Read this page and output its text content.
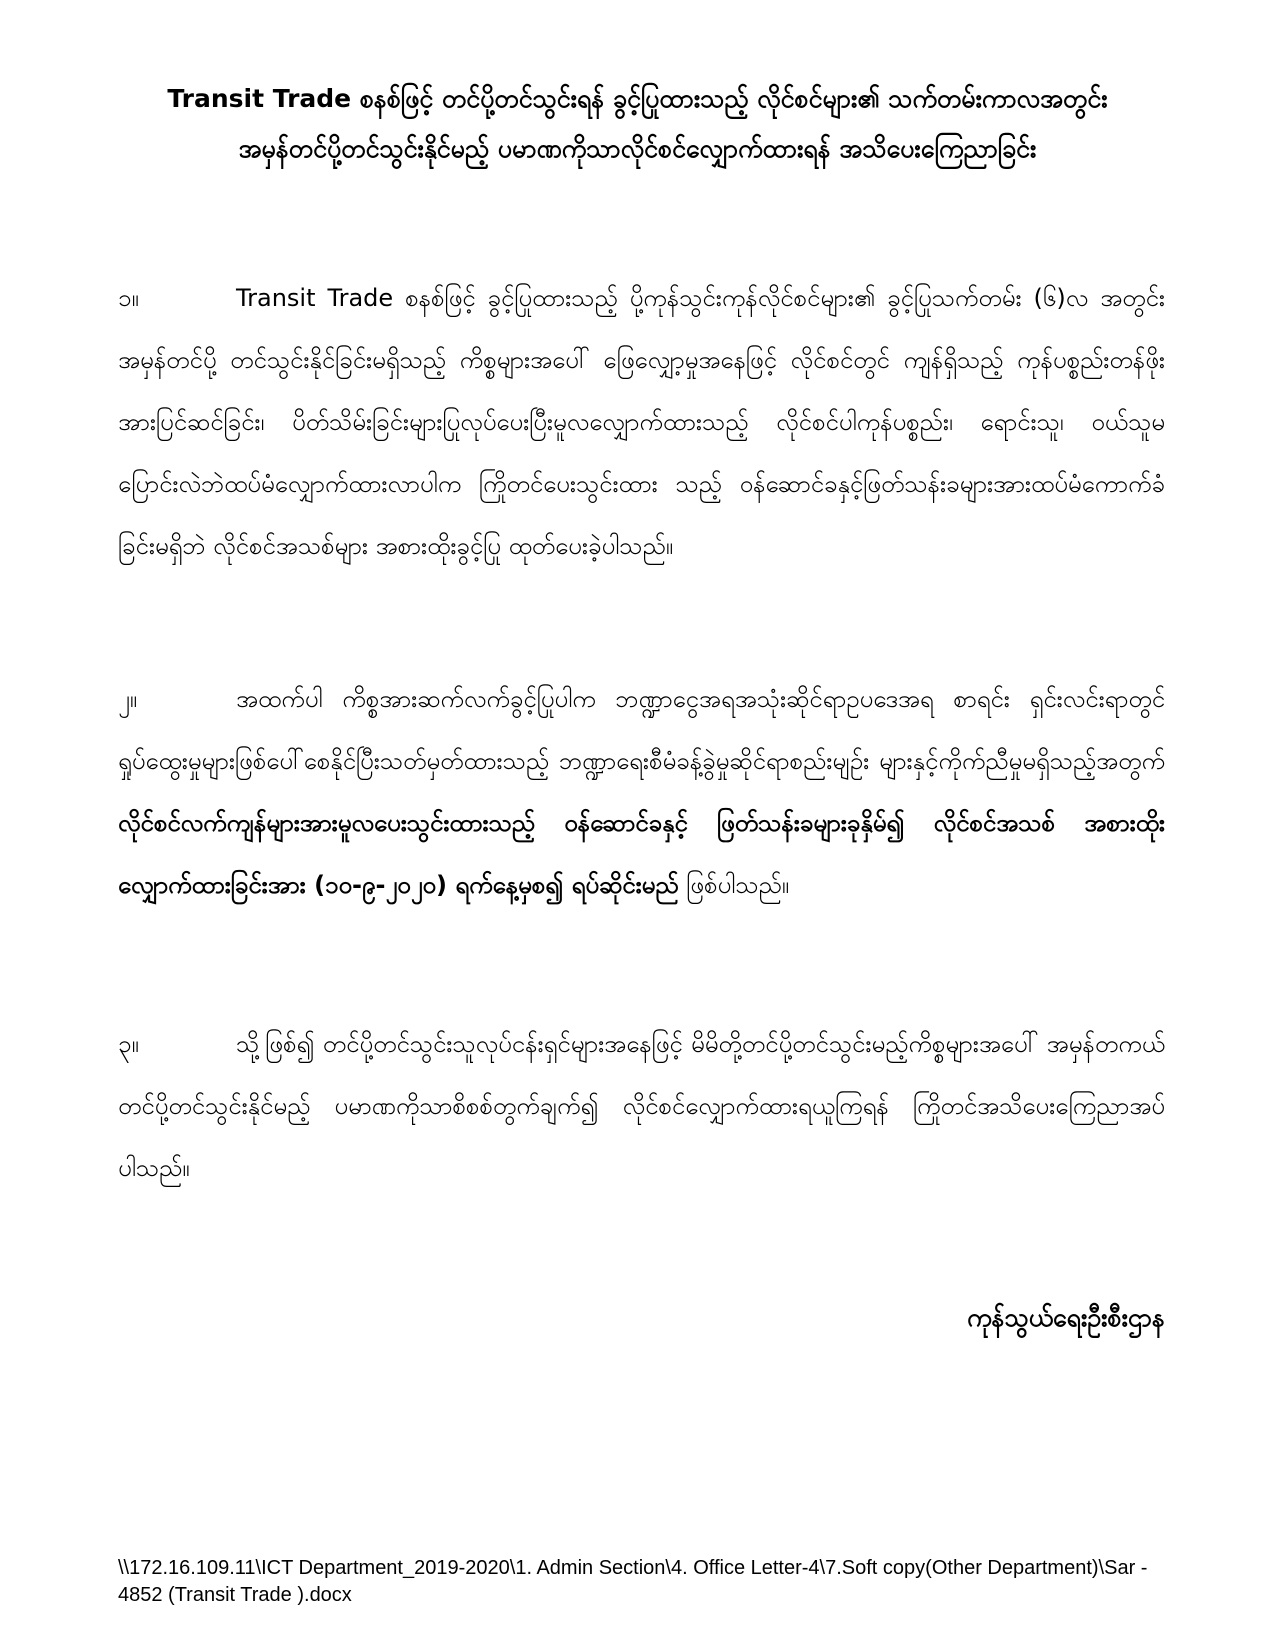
Transit Trade စနစ်ဖြင့် တင်ပို့တင်သွင်းရန် ခွင့်ပြုထားသည့် လိုင်စင်များ၏ သက်တမ်းကာလအတွင်း
အမှန်တင်ပို့တင်သွင်းနိုင်မည့် ပမာဏကိုသာလိုင်စင်လျှောက်ထားရန် အသိပေးကြေညာခြင်း
၁။	Transit Trade စနစ်ဖြင့် ခွင့်ပြုထားသည့် ပို့ကုန်သွင်းကုန်လိုင်စင်များ၏ ခွင့်ပြုသက်တမ်း (၆)လ အတွင်းအမှန်တင်ပို့ တင်သွင်းနိုင်ခြင်းမရှိသည့် ကိစ္စများအပေါ် ဖြေလျှော့မှုအနေဖြင့် လိုင်စင်တွင် ကျန်ရှိသည့် ကုန်ပစ္စည်းတန်ဖိုးအားပြင်ဆင်ခြင်း၊ ပိတ်သိမ်းခြင်းများပြုလုပ်ပေးပြီးမူလလျှောက်ထားသည့် လိုင်စင်ပါကုန်ပစ္စည်း၊ ရောင်းသူ၊ ဝယ်သူမပြောင်းလဲဘဲထပ်မံလျှောက်ထားလာပါက ကြိုတင်ပေးသွင်းထား သည့် ဝန်ဆောင်ခနှင့်ဖြတ်သန်းခများအားထပ်မံကောက်ခံခြင်းမရှိဘဲ လိုင်စင်အသစ်များ အစားထိုးခွင့်ပြု ထုတ်ပေးခဲ့ပါသည်။
၂။	အထက်ပါ ကိစ္စအားဆက်လက်ခွင့်ပြုပါက ဘဏ္ဍာငွေအရအသုံးဆိုင်ရာဥပဒေအရ စာရင်း ရှင်းလင်းရာတွင် ရှုပ်ထွေးမှုများဖြစ်ပေါ်စေနိုင်ပြီးသတ်မှတ်ထားသည့် ဘဏ္ဍာရေးစီမံခန့်ခွဲမှုဆိုင်ရာစည်းမျဉ်း များနှင့်ကိုက်ညီမှုမရှိသည့်အတွက် လိုင်စင်လက်ကျန်များအားမူလပေးသွင်းထားသည့် ဝန်ဆောင်ခနှင့် ဖြတ်သန်းခများခုနှိမ်၍ လိုင်စင်အသစ် အစားထိုးလျှောက်ထားခြင်းအား (၁၀-၉-၂၀၂၀) ရက်နေ့မှစ၍ ရပ်ဆိုင်းမည် ဖြစ်ပါသည်။
၃။	သို့ဖြစ်၍ တင်ပို့တင်သွင်းသူလုပ်ငန်းရှင်များအနေဖြင့် မိမိတို့တင်ပို့တင်သွင်းမည့်ကိစ္စများအပေါ် အမှန်တကယ်တင်ပို့တင်သွင်းနိုင်မည့် ပမာဏကိုသာစိစစ်တွက်ချက်၍ လိုင်စင်လျှောက်ထားရယူကြရန် ကြိုတင်အသိပေးကြေညာအပ်ပါသည်။
ကုန်သွယ်ရေးဦးစီးဌာန
\\172.16.109.11\ICT Department_2019-2020\1. Admin Section\4. Office Letter-4\7.Soft copy(Other Department)\Sar -
4852 (Transit Trade ).docx
